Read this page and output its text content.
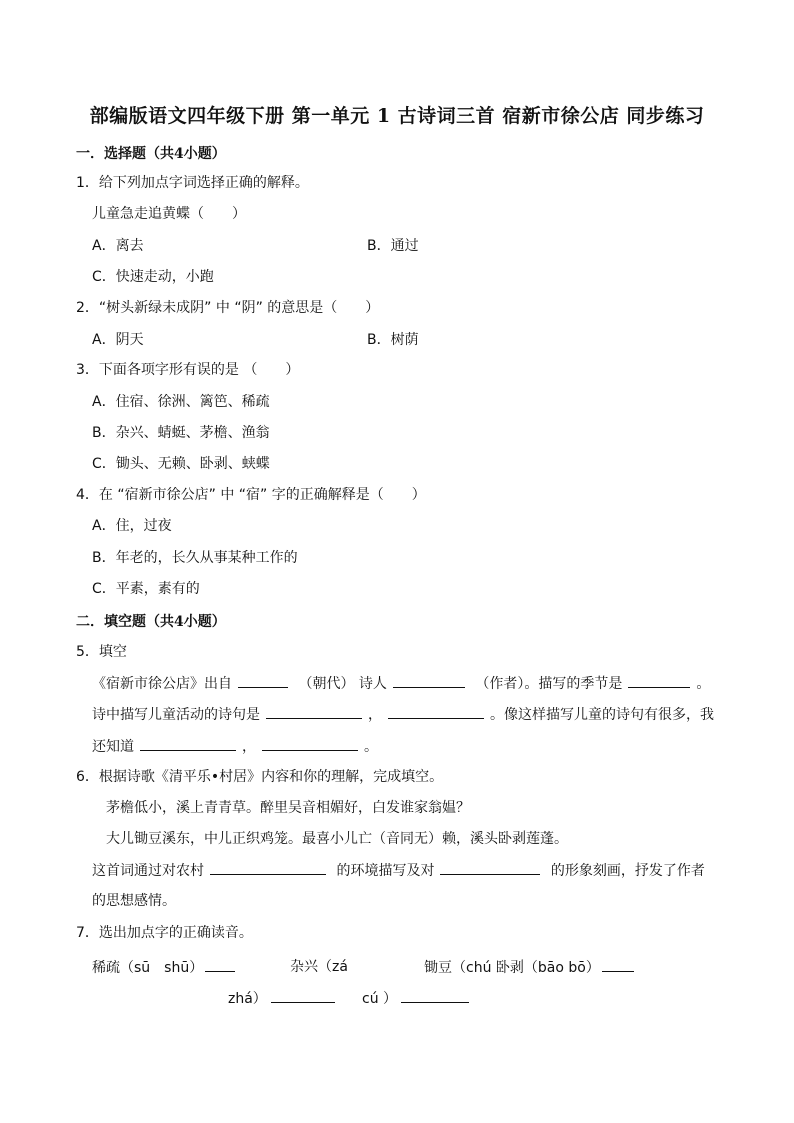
部编版语文四年级下册 第一单元 1 古诗词三首 宿新市徐公店 同步练习
一．选择题（共4小题）
1．给下列加点字词选择正确的解释。
儿童急走追黄蝶（　　）
A．离去	B．通过
C．快速走动，小跑
2．“树头新绿未成阴” 中 “阴” 的意思是（　　）
A．阴天	B．树荫
3．下面各项字形有误的是 （　　）
A．住宿、徐洲、篱笆、稀疏
B．杂兴、蜻蜓、茅檐、渔翁
C．锄头、无赖、卧剥、蛱蝶
4．在 “宿新市徐公店” 中 “宿” 字的正确解释是（　　）
A．住，过夜
B．年老的，长久从事某种工作的
C．平素，素有的
二．填空题（共4小题）
5．填空
《宿新市徐公店》出自	（朝代） 诗人	（作者）。描写的季节是	。
诗中描写儿童活动的诗句是	，	。像这样描写儿童的诗句有很多，我
还知道	，	。
6．根据诗歌《清平乐•村居》内容和你的理解，完成填空。
茅檐低小，溪上青青草。醉里吴音相媚好，白发谁家翁媪？
大儿锄豆溪东，中儿正织鸡笼。最喜小儿亡（音同无）赖，溪头卧剥莲蓬。
这首词通过对农村	的环境描写及对	的形象刻画，抒发了作者
的思想感情。
7．选出加点字的正确读音。
稀疏（sū　shū）	杂兴（zá	锄豆（chú 卧剥（bāo bō）
zhá）	cú ）
